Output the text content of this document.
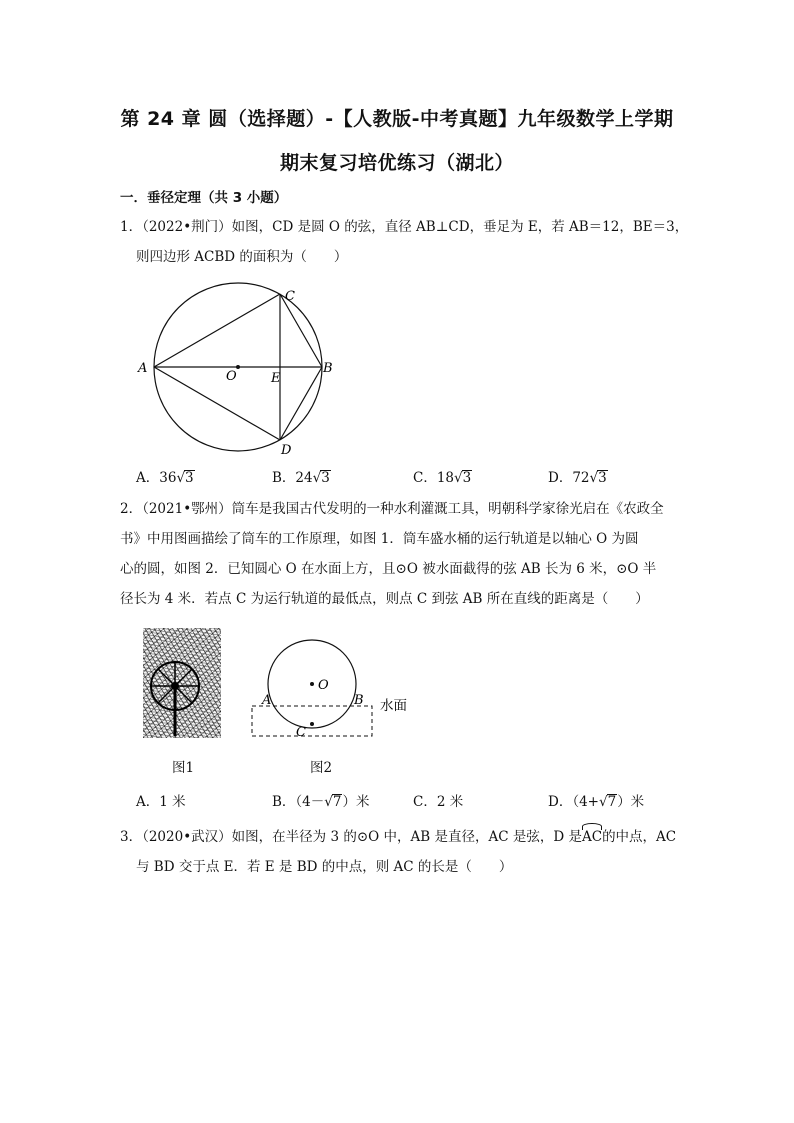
第 24 章 圆（选择题）-【人教版-中考真题】九年级数学上学期
期末复习培优练习（湖北）
一．垂径定理（共 3 小题）
1．（2022•荆门）如图，CD 是圆 O 的弦，直径 AB⊥CD，垂足为 E，若 AB＝12，BE＝3，
则四边形 ACBD 的面积为（　　）
A	B
C
D
O	E
A．36√3	B．24√3	C．18√3	D．72√3
2．（2021•鄂州）筒车是我国古代发明的一种水利灌溉工具，明朝科学家徐光启在《农政全
书》中用图画描绘了筒车的工作原理，如图 1．筒车盛水桶的运行轨道是以轴心 O 为圆
心的圆，如图 2．已知圆心 O 在水面上方，且⊙O 被水面截得的弦 AB 长为 6 米，⊙O 半
径长为 4 米．若点 C 为运行轨道的最低点，则点 C 到弦 AB 所在直线的距离是（　　）
图1
O
A	B
C
水面
图2
A．1 米	B．（4－√7）米	C．2 米	D．（4+√7）米
3．（2020•武汉）如图，在半径为 3 的⊙O 中，AB 是直径，AC 是弦，D 是AC的中点，AC
与 BD 交于点 E．若 E 是 BD 的中点，则 AC 的长是（　　）
